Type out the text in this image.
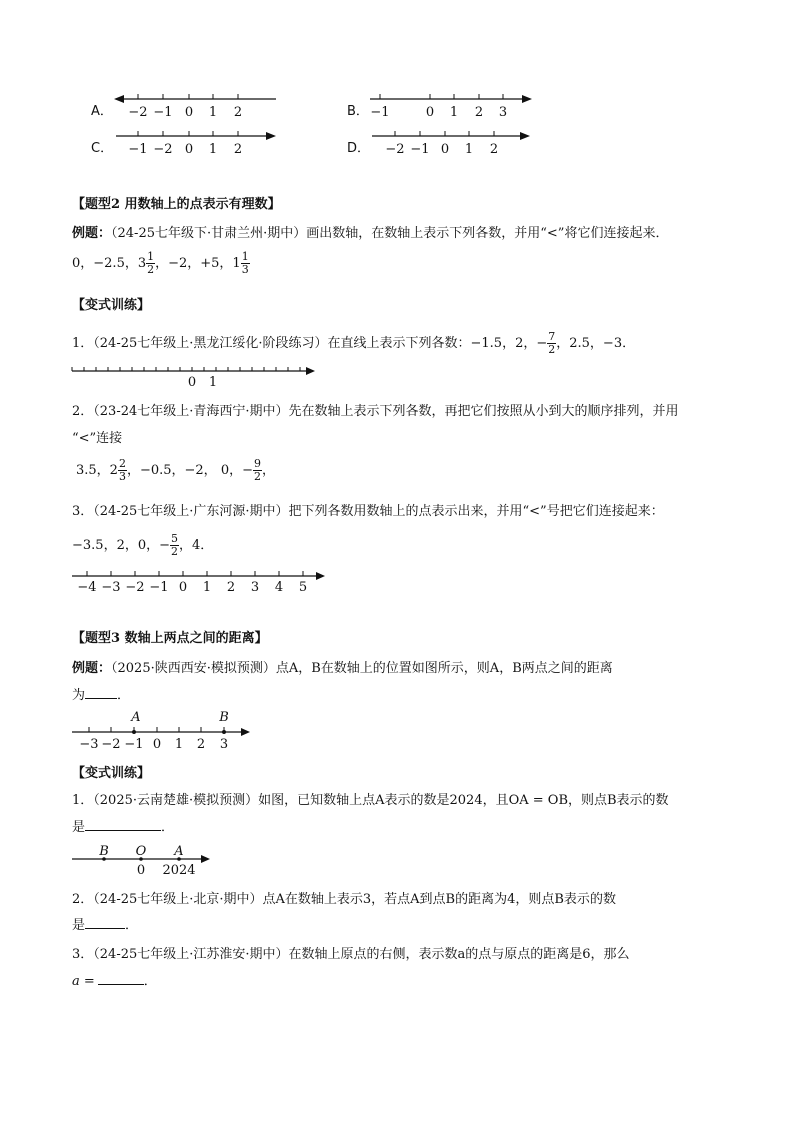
A． −2 −1 0 1 2	B． −1	0 1 2 3
C． −1 −2 0 1 2	D． −2 −1 0 1 2
【题型2 用数轴上的点表示有理数】
例题：（24-25七年级下·甘肃兰州·期中）画出数轴，在数轴上表示下列各数，并用“<”将它们连接起来．
0，−2.5，$3 \frac{1}{2}$ ，−2，+5，$1 \frac{1}{3}$
【变式训练】
1．（24-25七年级上·黑龙江绥化·阶段练习）在直线上表示下列各数：−1.5，2，− $\frac{7}{2}$ ，2.5，−3．
0 1
2．（23-24七年级上·青海西宁·期中）先在数轴上表示下列各数，再把它们按照从小到大的顺序排列，并用
“<”连接
3.5，$2 \frac{2}{3}$ ，−0.5，−2， 0，− $\frac{9}{2}$ ，
3．（24-25七年级上·广东河源·期中）把下列各数用数轴上的点表示出来，并用“<”号把它们连接起来：
−3.5，2，0，− $\frac{5}{2}$ ，4．
−4 −3 −2 −1 0 1 2 3 4 5
【题型3 数轴上两点之间的距离】
例题：（2025·陕西西安·模拟预测）点A，B在数轴上的位置如图所示，则A，B两点之间的距离
为 ．
A	B
−3 −2 −1 0 1 2 3
【变式训练】
1．（2025·云南楚雄·模拟预测）如图，已知数轴上点A表示的数是2024，且OA = OB，则点B表示的数
是	．
B O A
0 2024
2．（24-25七年级上·北京·期中）点A在数轴上表示3，若点A到点B的距离为4，则点B表示的数
是	．
3．（24-25七年级上·江苏淮安·期中）在数轴上原点的右侧，表示数a的点与原点的距离是6，那么
a =	．
